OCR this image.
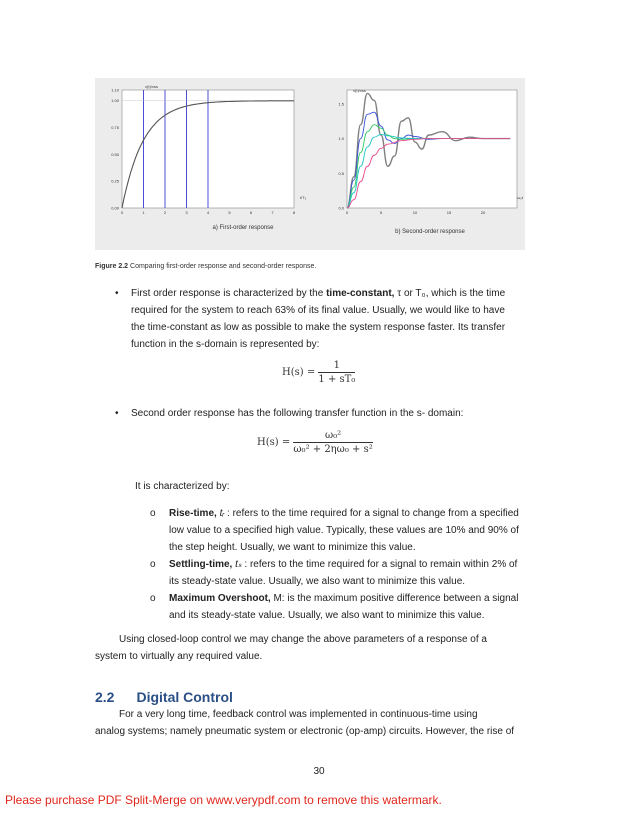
1.10
1.00
0.75
0.50
0.25
0.00
0	1	2	3	4	5	6	7	8
v(t)/vss
t/T₀
a) First-order response
1.5
1.0
0.5
0.0
0	5	10	15	20
v(t)/vss
ω₀t
b) Second-order response
Figure 2.2 Comparing first-order response and second-order response.
• First order response is characterized by the time-constant, τ or T₀, which is the time
required for the system to reach 63% of its final value. Usually, we would like to have
the time-constant as low as possible to make the system response faster. Its transfer
function in the s-domain is represented by:
$H(s) = \frac{1}{\text{1 + sT₀}}$
• Second order response has the following transfer function in the s- domain:
$H(s) = \frac{\text{ω₀²}}{\text{ω₀² + 2ηω₀ + s²}}$
It is characterized by:
o Rise-time, tᵣ : refers to the time required for a signal to change from a specified
low value to a specified high value. Typically, these values are 10% and 90% of
the step height. Usually, we want to minimize this value.
o Settling-time, tₛ : refers to the time required for a signal to remain within 2% of
its steady-state value. Usually, we also want to minimize this value.
o Maximum Overshoot, M: is the maximum positive difference between a signal
and its steady-state value. Usually, we also want to minimize this value.
Using closed-loop control we may change the above parameters of a response of a
system to virtually any required value.
2.2 Digital Control
For a very long time, feedback control was implemented in continuous-time using
analog systems; namely pneumatic system or electronic (op-amp) circuits. However, the rise of
30
Please purchase PDF Split-Merge on www.verypdf.com to remove this watermark.
